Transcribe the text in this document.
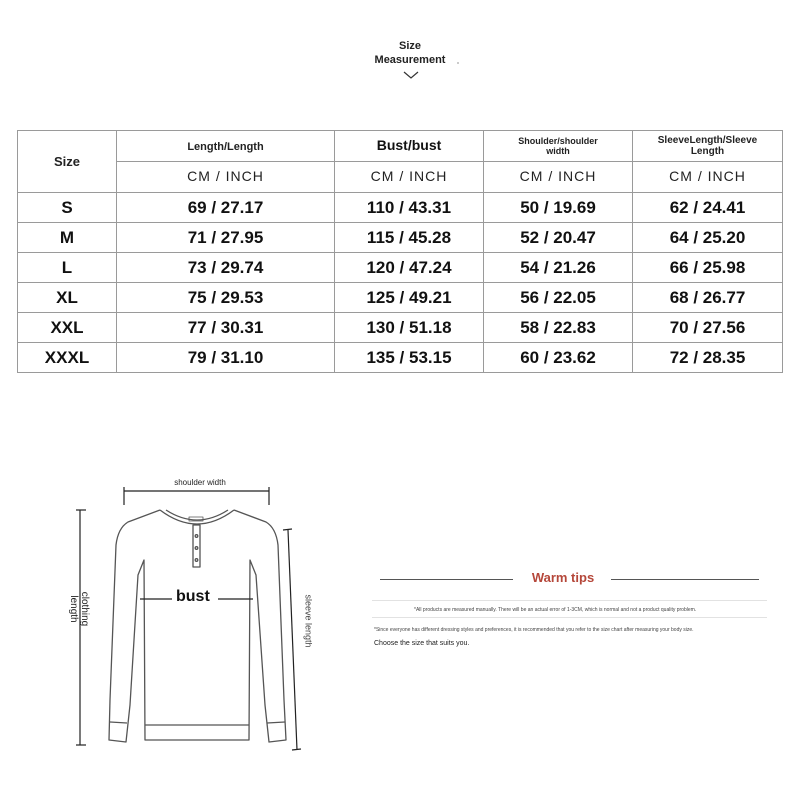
Size
Measurement
Size	Length/Length	Bust/bust	Shoulder/shoulder width	SleeveLength/Sleeve Length

	CM / INCH	CM / INCH	CM / INCH	CM / INCH
S	69 / 27.17	110 / 43.31	50 / 19.69	62 / 24.41
M	71 / 27.95	115 / 45.28	52 / 20.47	64 / 25.20
L	73 / 29.74	120 / 47.24	54 / 21.26	66 / 25.98
XL	75 / 29.53	125 / 49.21	56 / 22.05	68 / 26.77
XXL	77 / 30.31	130 / 51.18	58 / 22.83	70 / 27.56
XXXL	79 / 31.10	135 / 53.15	60 / 23.62	72 / 28.35
shoulder width
bust
clothing
length	sleeve length
Warm tips
*All products are measured manually. There will be an actual error of 1-3CM, which is normal and not a product quality problem.
*Since everyone has different dressing styles and preferences, it is recommended that you refer to the size chart after measuring your body size.
Choose the size that suits you.
